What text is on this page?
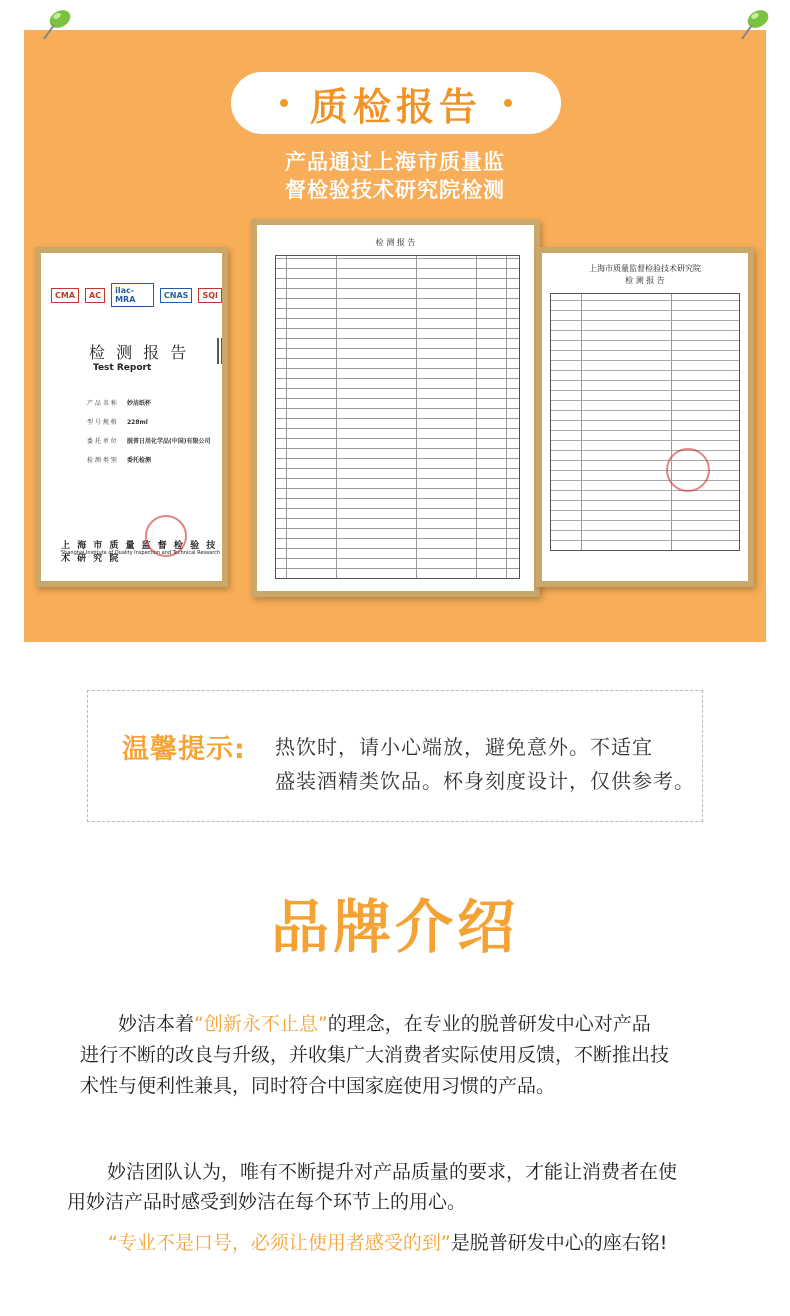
质检报告
产品通过上海市质量监
督检验技术研究院检测
CMA	AC	ilac-MRA	CNAS	SQI
检 测 报 告
Test Report
产 品 名 称 妙洁纸杯
型 号 规 格 228ml
委 托 单 位 脱普日用化学品(中国)有限公司
检 测 类 别 委托检测
上 海 市 质 量 监 督 检 验 技 术 研 究 院
Shanghai Institute of Quality Inspection and Technical Research
检 测 报 告
上海市质量监督检验技术研究院
检 测 报 告
温馨提示: 热饮时，请小心端放，避免意外。不适宜
盛装酒精类饮品。杯身刻度设计，仅供参考。
品牌介绍
妙洁本着“创新永不止息”的理念，在专业的脱普研发中心对产品
进行不断的改良与升级，并收集广大消费者实际使用反馈，不断推出技
术性与便利性兼具，同时符合中国家庭使用习惯的产品。
妙洁团队认为，唯有不断提升对产品质量的要求，才能让消费者在使
用妙洁产品时感受到妙洁在每个环节上的用心。
“专业不是口号，必须让使用者感受的到”是脱普研发中心的座右铭!
